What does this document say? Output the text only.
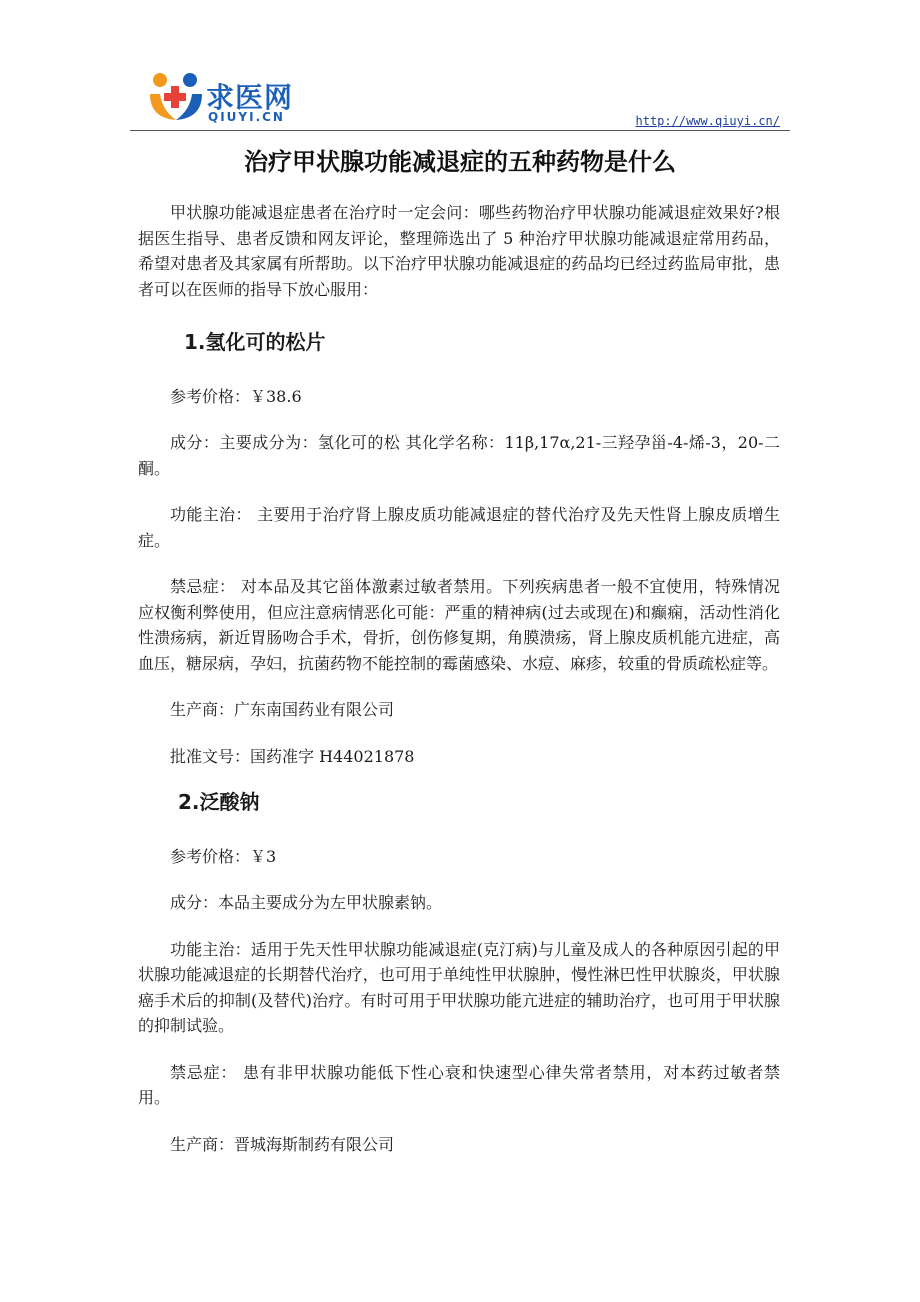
求医网
QIUYI.CN	http://www.qiuyi.cn/
治疗甲状腺功能减退症的五种药物是什么

甲状腺功能减退症患者在治疗时一定会问：哪些药物治疗甲状腺功能减退症效果好?根据医生指导、患者反馈和网友评论，整理筛选出了 5 种治疗甲状腺功能减退症常用药品，希望对患者及其家属有所帮助。以下治疗甲状腺功能减退症的药品均已经过药监局审批，患者可以在医师的指导下放心服用：

1.氢化可的松片

参考价格：￥38.6

成分：主要成分为：氢化可的松 其化学名称：11β,17α,21-三羟孕甾-4-烯-3，20-二酮。

功能主治： 主要用于治疗肾上腺皮质功能减退症的替代治疗及先天性肾上腺皮质增生症。

禁忌症： 对本品及其它甾体激素过敏者禁用。下列疾病患者一般不宜使用，特殊情况应权衡利弊使用，但应注意病情恶化可能：严重的精神病(过去或现在)和癫痫，活动性消化性溃疡病，新近胃肠吻合手术，骨折，创伤修复期，角膜溃疡，肾上腺皮质机能亢进症，高血压，糖尿病，孕妇，抗菌药物不能控制的霉菌感染、水痘、麻疹，较重的骨质疏松症等。

生产商：广东南国药业有限公司

批准文号：国药准字 H44021878

2.泛酸钠

参考价格：￥3

成分：本品主要成分为左甲状腺素钠。

功能主治：适用于先天性甲状腺功能减退症(克汀病)与儿童及成人的各种原因引起的甲状腺功能减退症的长期替代治疗，也可用于单纯性甲状腺肿，慢性淋巴性甲状腺炎，甲状腺癌手术后的抑制(及替代)治疗。有时可用于甲状腺功能亢进症的辅助治疗，也可用于甲状腺的抑制试验。

禁忌症： 患有非甲状腺功能低下性心衰和快速型心律失常者禁用，对本药过敏者禁用。

生产商：晋城海斯制药有限公司
